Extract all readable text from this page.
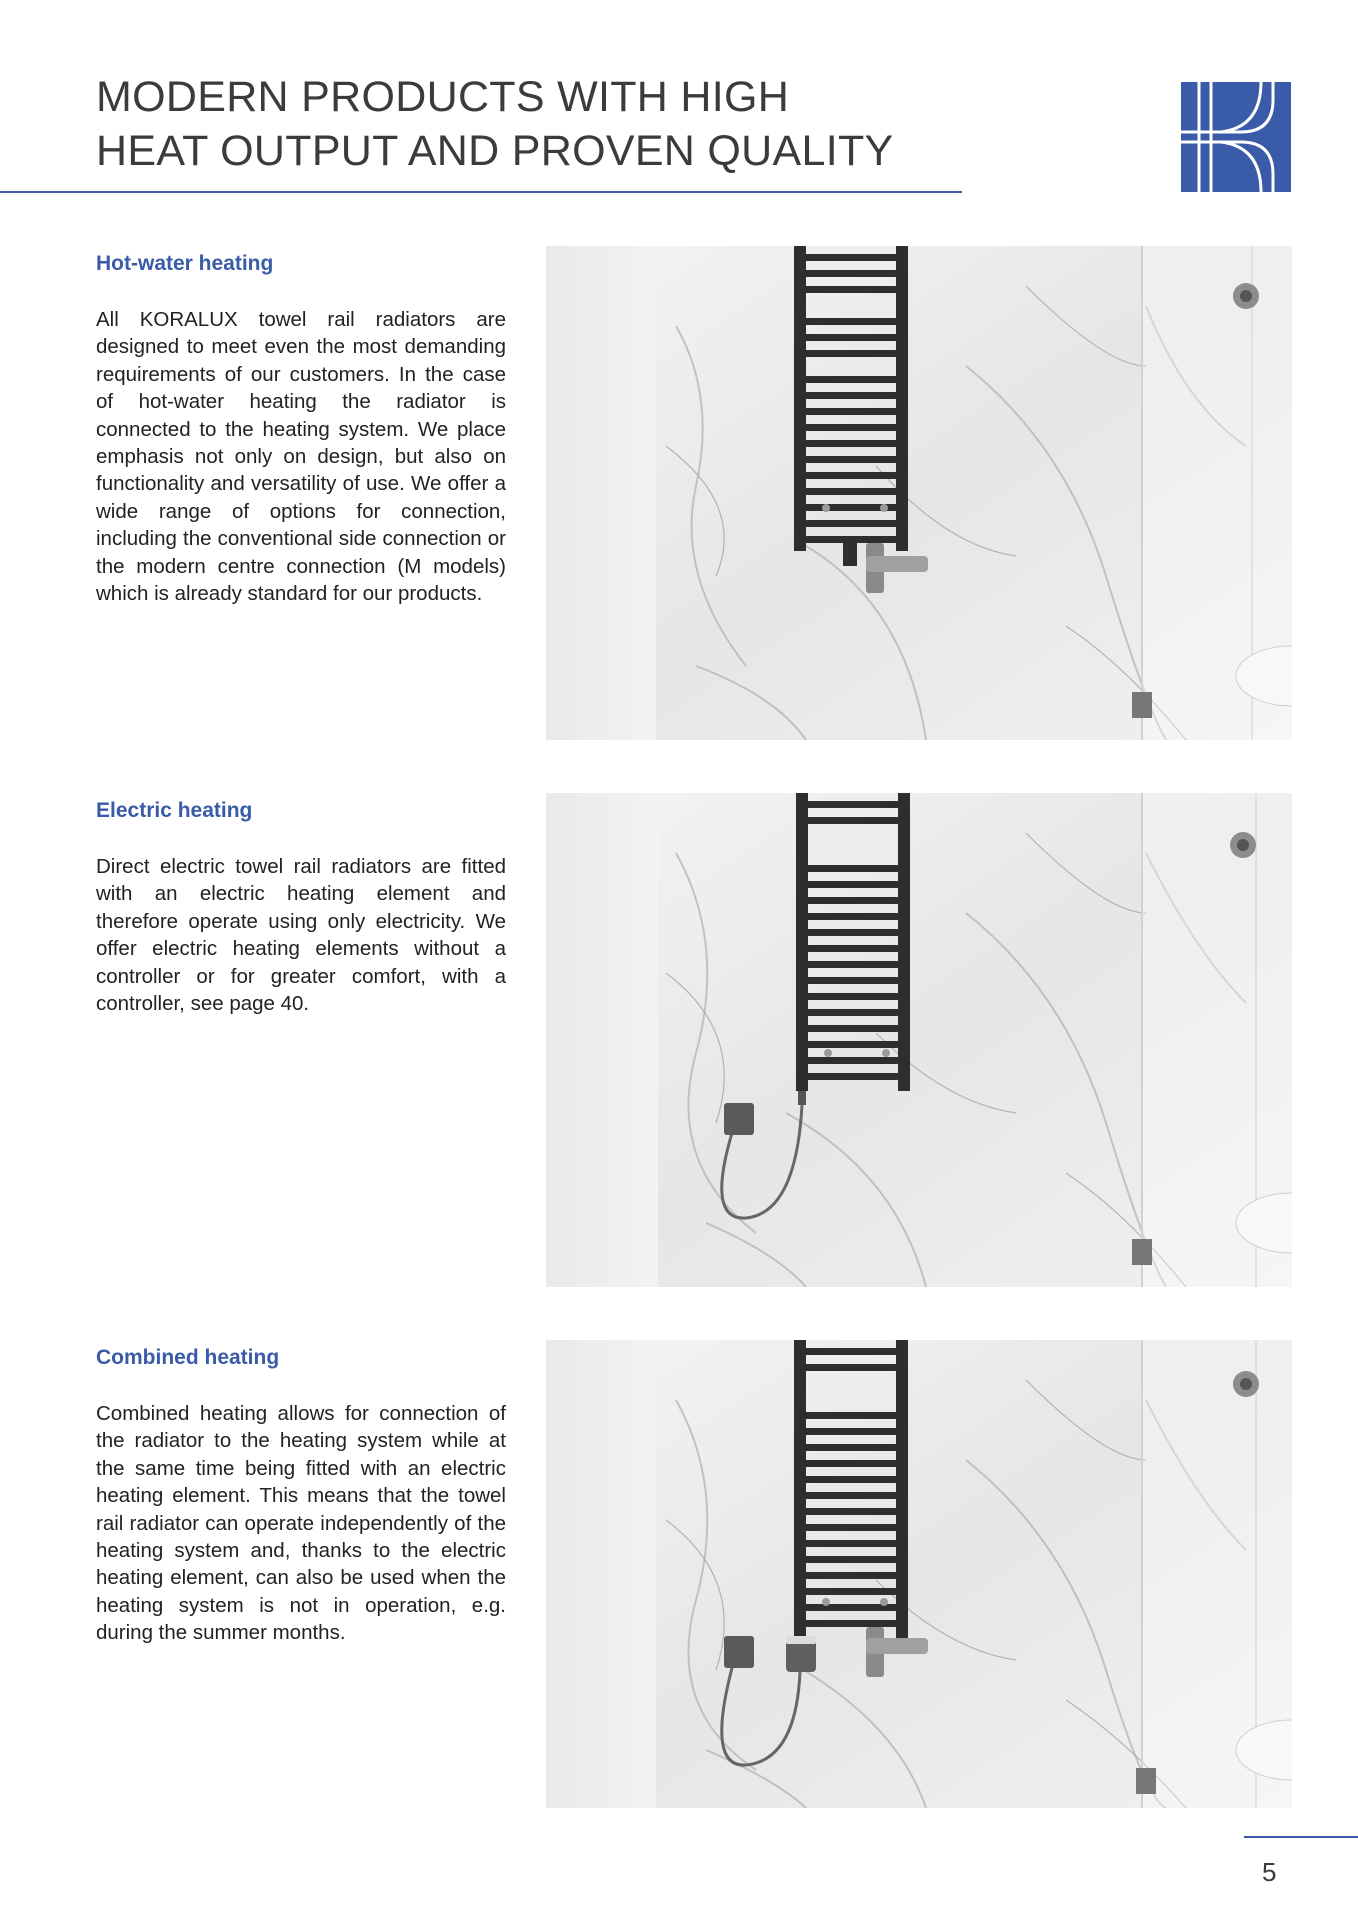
MODERN PRODUCTS WITH HIGH
HEAT OUTPUT AND PROVEN QUALITY
Hot-water heating

All KORALUX towel rail radiators are designed to meet even the most demanding requirements of our customers. In the case of hot-water heating the radiator is connected to the heating system. We place emphasis not only on design, but also on functionality and versatility of use. We offer a wide range of options for connection, including the conventional side connection or the modern centre connection (M models) which is already standard for our products.

Electric heating

Direct electric towel rail radiators are fitted with an electric heating element and therefore operate using only electricity. We offer electric heating elements without a controller or for greater comfort, with a controller, see page 40.

Combined heating

Combined heating allows for connection of the radiator to the heating system while at the same time being fitted with an electric heating element. This means that the towel rail radiator can operate independently of the heating system and, thanks to the electric heating element, can also be used when the heating system is not in operation, e.g. during the summer months.

5
